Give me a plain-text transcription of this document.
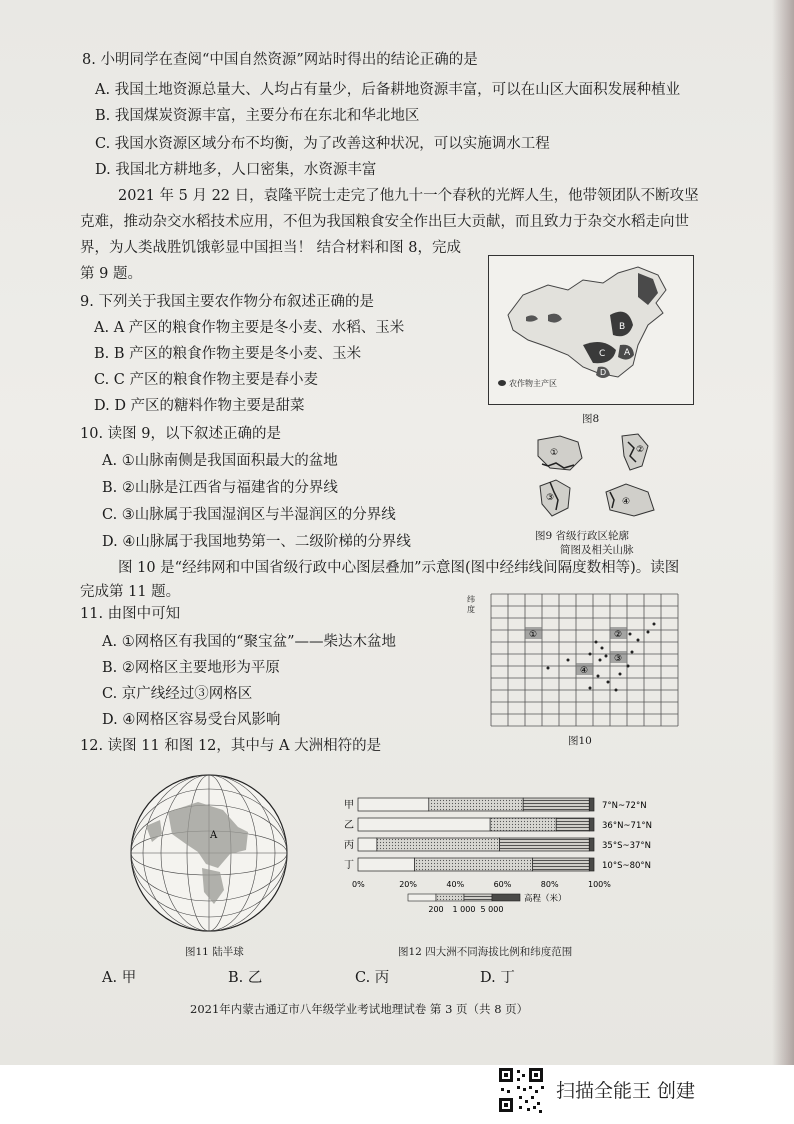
8. 小明同学在查阅“中国自然资源”网站时得出的结论正确的是
A. 我国土地资源总量大、人均占有量少，后备耕地资源丰富，可以在山区大面积发展种植业
B. 我国煤炭资源丰富，主要分布在东北和华北地区
C. 我国水资源区域分布不均衡，为了改善这种状况，可以实施调水工程
D. 我国北方耕地多，人口密集，水资源丰富
2021 年 5 月 22 日，袁隆平院士走完了他九十一个春秋的光辉人生，他带领团队不断攻坚
克难，推动杂交水稻技术应用，不但为我国粮食安全作出巨大贡献，而且致力于杂交水稻走向世
界，为人类战胜饥饿彰显中国担当！ 结合材料和图 8，完成
第 9 题。
9. 下列关于我国主要农作物分布叙述正确的是
A. A 产区的粮食作物主要是冬小麦、水稻、玉米
B. B 产区的粮食作物主要是冬小麦、玉米
C. C 产区的粮食作物主要是春小麦
D. D 产区的糖料作物主要是甜菜
B
C A
D
农作物主产区
图8
10. 读图 9，以下叙述正确的是
A. ①山脉南侧是我国面积最大的盆地
B. ②山脉是江西省与福建省的分界线
C. ③山脉属于我国湿润区与半湿润区的分界线
D. ④山脉属于我国地势第一、二级阶梯的分界线
①	②
③	④
图9 省级行政区轮廓
简图及相关山脉
图 10 是“经纬网和中国省级行政中心图层叠加”示意图(图中经纬线间隔度数相等)。读图
完成第 11 题。
11. 由图中可知
A. ①网格区有我国的“聚宝盆”——柴达木盆地
B. ②网格区主要地形为平原
C. 京广线经过③网格区
D. ④网格区容易受台风影响
纬
度
①	②
③
④
图10
12. 读图 11 和图 12，其中与 A 大洲相符的是
A
图11 陆半球
甲	7°N~72°N
乙	36°N~71°N
丙	35°S~37°N
丁	10°S~80°N
0%	20%	40%	60%	80%	100%
高程（米）
200 1 000 5 000
图12 四大洲不同海拔比例和纬度范围
A. 甲	B. 乙	C. 丙	D. 丁
2021年内蒙古通辽市八年级学业考试地理试卷 第 3 页（共 8 页）
扫描全能王 创建
